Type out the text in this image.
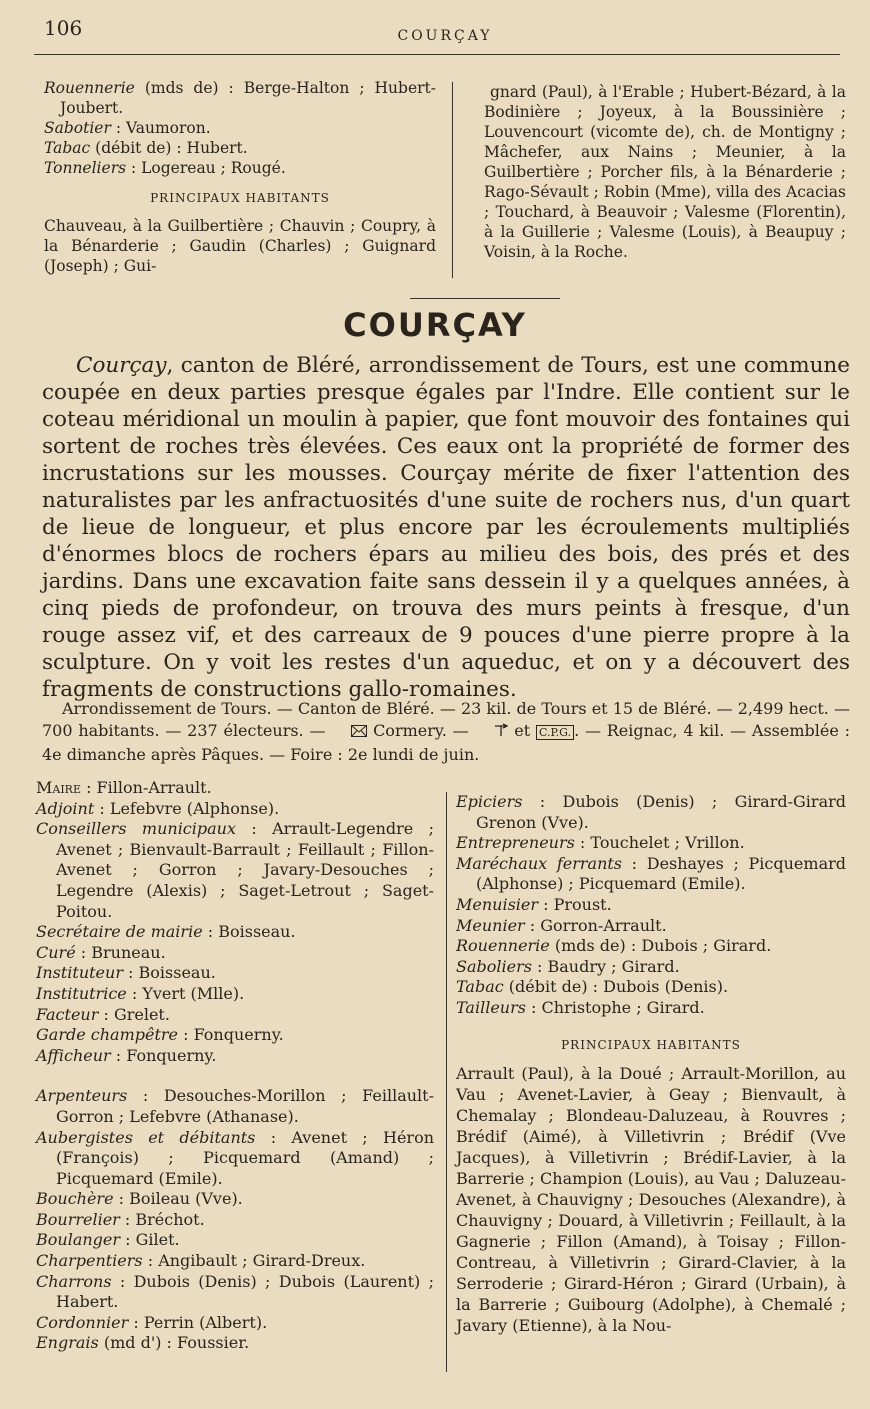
106	COURÇAY

Rouennerie (mds de) : Berge-Halton ; Hubert-Joubert.

Sabotier : Vaumoron.

Tabac (débit de) : Hubert.

Tonneliers : Logereau ; Rougé.

PRINCIPAUX HABITANTS

Chauveau, à la Guilbertière ; Chauvin ; Coupry, à la Bénarderie ; Gaudin (Charles) ; Guignard (Joseph) ; Gui-

gnard (Paul), à l'Erable ; Hubert-Bézard, à la Bodinière ; Joyeux, à la Boussinière ; Louvencourt (vicomte de), ch. de Montigny ; Mâchefer, aux Nains ; Meunier, à la Guilbertière ; Porcher fils, à la Bénarderie ; Rago-Sévault ; Robin (Mme), villa des Acacias ; Touchard, à Beauvoir ; Valesme (Florentin), à la Guillerie ; Valesme (Louis), à Beaupuy ; Voisin, à la Roche.

COURÇAY

Courçay, canton de Bléré, arrondissement de Tours, est une commune coupée en deux parties presque égales par l'Indre. Elle contient sur le coteau méridional un moulin à papier, que font mouvoir des fontaines qui sortent de roches très élevées. Ces eaux ont la propriété de former des incrustations sur les mousses. Courçay mérite de fixer l'attention des naturalistes par les anfractuosités d'une suite de rochers nus, d'un quart de lieue de longueur, et plus encore par les écroulements multipliés d'énormes blocs de rochers épars au milieu des bois, des prés et des jardins. Dans une excavation faite sans dessein il y a quelques années, à cinq pieds de profondeur, on trouva des murs peints à fresque, d'un rouge assez vif, et des carreaux de 9 pouces d'une pierre propre à la sculpture. On y voit les restes d'un aqueduc, et on y a découvert des fragments de constructions gallo-romaines.

Arrondissement de Tours. — Canton de Bléré. — 23 kil. de Tours et 15 de Bléré. — 2,499 hect. — 700 habitants. — 237 électeurs. —	Cormery. —  et C.P.G. . — Reignac, 4 kil. — Assemblée : 4e dimanche après Pâques. — Foire : 2e lundi de juin.

Maire : Fillon-Arrault.

Adjoint : Lefebvre (Alphonse).

Conseillers municipaux : Arrault-Legendre ; Avenet ; Bienvault-Barrault ; Feillault ; Fillon-Avenet ; Gorron ; Javary-Desouches ; Legendre (Alexis) ; Saget-Letrout ; Saget-Poitou.

Secrétaire de mairie : Boisseau.

Curé : Bruneau.

Instituteur : Boisseau.

Institutrice : Yvert (Mlle).

Facteur : Grelet.

Garde champêtre : Fonquerny.

Afficheur : Fonquerny.

Arpenteurs : Desouches-Morillon ; Feillault-Gorron ; Lefebvre (Athanase).

Aubergistes et débitants : Avenet ; Héron (François) ; Picquemard (Amand) ; Picquemard (Emile).

Bouchère : Boileau (Vve).

Bourrelier : Bréchot.

Boulanger : Gilet.

Charpentiers : Angibault ; Girard-Dreux.

Charrons : Dubois (Denis) ; Dubois (Laurent) ; Habert.

Cordonnier : Perrin (Albert).

Engrais (md d') : Foussier.

Epiciers : Dubois (Denis) ; Girard-Girard Grenon (Vve).

Entrepreneurs : Touchelet ; Vrillon.

Maréchaux ferrants : Deshayes ; Picquemard (Alphonse) ; Picquemard (Emile).

Menuisier : Proust.

Meunier : Gorron-Arrault.

Rouennerie (mds de) : Dubois ; Girard.

Saboliers : Baudry ; Girard.

Tabac (débit de) : Dubois (Denis).

Tailleurs : Christophe ; Girard.

PRINCIPAUX HABITANTS

Arrault (Paul), à la Doué ; Arrault-Morillon, au Vau ; Avenet-Lavier, à Geay ; Bienvault, à Chemalay ; Blondeau-Daluzeau, à Rouvres ; Brédif (Aimé), à Villetivrin ; Brédif (Vve Jacques), à Villetivrin ; Brédif-Lavier, à la Barrerie ; Champion (Louis), au Vau ; Daluzeau-Avenet, à Chauvigny ; Desouches (Alexandre), à Chauvigny ; Douard, à Villetivrin ; Feillault, à la Gagnerie ; Fillon (Amand), à Toisay ; Fillon-Contreau, à Villetivrin ; Girard-Clavier, à la Serroderie ; Girard-Héron ; Girard (Urbain), à la Barrerie ; Guibourg (Adolphe), à Chemalé ; Javary (Etienne), à la Nou-
